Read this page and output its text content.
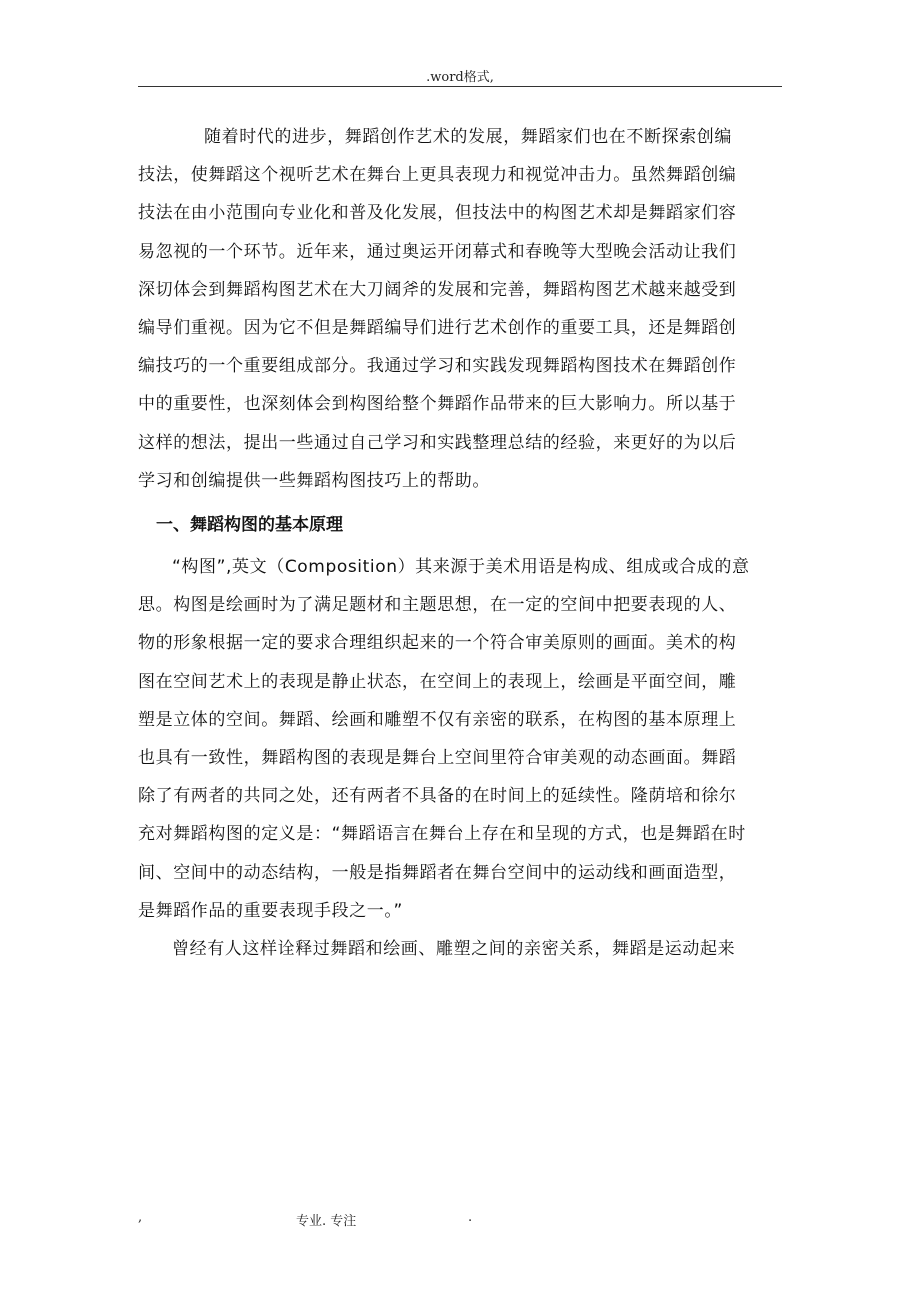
.word格式,

随着时代的进步，舞蹈创作艺术的发展，舞蹈家们也在不断探索创编
技法，使舞蹈这个视听艺术在舞台上更具表现力和视觉冲击力。虽然舞蹈创编
技法在由小范围向专业化和普及化发展，但技法中的构图艺术却是舞蹈家们容
易忽视的一个环节。近年来，通过奥运开闭幕式和春晚等大型晚会活动让我们
深切体会到舞蹈构图艺术在大刀阔斧的发展和完善，舞蹈构图艺术越来越受到
编导们重视。因为它不但是舞蹈编导们进行艺术创作的重要工具，还是舞蹈创
编技巧的一个重要组成部分。我通过学习和实践发现舞蹈构图技术在舞蹈创作
中的重要性，也深刻体会到构图给整个舞蹈作品带来的巨大影响力。所以基于
这样的想法，提出一些通过自己学习和实践整理总结的经验，来更好的为以后
学习和创编提供一些舞蹈构图技巧上的帮助。

一、舞蹈构图的基本原理

“构图”,英文（Composition）其来源于美术用语是构成、组成或合成的意
思。构图是绘画时为了满足题材和主题思想，在一定的空间中把要表现的人、
物的形象根据一定的要求合理组织起来的一个符合审美原则的画面。美术的构
图在空间艺术上的表现是静止状态，在空间上的表现上，绘画是平面空间，雕
塑是立体的空间。舞蹈、绘画和雕塑不仅有亲密的联系，在构图的基本原理上
也具有一致性，舞蹈构图的表现是舞台上空间里符合审美观的动态画面。舞蹈
除了有两者的共同之处，还有两者不具备的在时间上的延续性。隆荫培和徐尔
充对舞蹈构图的定义是：“舞蹈语言在舞台上存在和呈现的方式，也是舞蹈在时
间、空间中的动态结构，一般是指舞蹈者在舞台空间中的运动线和画面造型，
是舞蹈作品的重要表现手段之一。”

曾经有人这样诠释过舞蹈和绘画、雕塑之间的亲密关系，舞蹈是运动起来

,	专业. 专注	.
